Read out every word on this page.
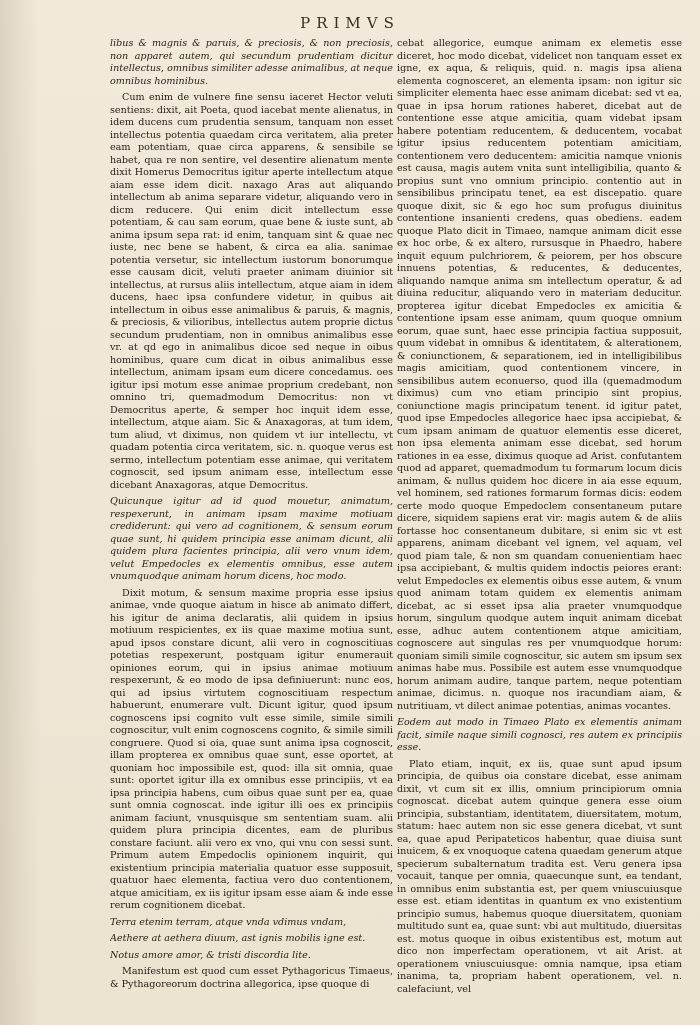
PRIMVS

libus & magnis & paruis, & preciosis, & non preciosis, non apparet autem, qui secundum prudentiam dicitur intellectus, omnibus similiter adesse animalibus, at neque omnibus hominibus.

Cum enim de vulnere fine sensu iaceret Hector veluti sentiens: dixit, ait Poeta, quod iacebat mente alienatus, in idem ducens cum prudentia sensum, tanquam non esset intellectus potentia quaedam circa veritatem, alia preter eam potentiam, quae circa apparens, & sensibile se habet, qua re non sentire, vel desentire alienatum mente dixit Homerus Democritus igitur aperte intellectum atque aiam esse idem dicit. naxago Aras aut aliquando intellectum ab anima separare videtur, aliquando vero in dicm reducere. Qui enim dicit intellectum esse potentiam, & cau sam eorum, quae bene & iuste sunt, ab anima ipsum sepa rat: id enim, tanquam sint & quae nec iuste, nec bene se habent, & circa ea alia. sanimae potentia versetur, sic intellectum iustorum bonorumque esse causam dicit, veluti praeter animam diuinior sit intellectus, at rursus aliis intellectum, atque aiam in idem ducens, haec ipsa confundere videtur, in quibus ait intellectum in oibus esse animalibus & paruis, & magnis, & preciosis, & vilioribus, intellectus autem proprie dictus secundum prudentiam, non in omnibus animalibus esse vr. at qd ego in animalibus dicoe sed neque in oibus hominibus, quare cum dicat in oibus animalibus esse intellectum, animam ipsam eum dicere concedamus. oes igitur ipsi motum esse animae proprium credebant, non omnino tri, quemadmodum Democritus: non vt Democritus aperte, & semper hoc inquit idem esse, intellectum, atque aiam. Sic & Anaxagoras, at tum idem, tum aliud, vt diximus, non quidem vt iur intellectu, vt quadam potentia circa veritatem, sic. n. quoque verus est sermo, intellectum potentiam esse animae, qui veritatem cognoscit, sed ipsum animam esse, intellectum esse dicebant Anaxagoras, atque Democritus.

Quicunque igitur ad id quod mouetur, animatum, respexerunt, in animam ipsam maxime motiuam crediderunt: qui vero ad cognitionem, & sensum eorum quae sunt, hi quidem principia esse animam dicunt, alii quidem plura facientes principia, alii vero vnum idem, velut Empedocles ex elementis omnibus, esse autem vnumquodque animam horum dicens, hoc modo.

Dixit motum, & sensum maxime propria esse ipsius animae, vnde quoque aiatum in hisce ab animato differt, his igitur de anima declaratis, alii quidem in ipsius motiuum respicientes, ex iis quae maxime motiua sunt, apud ipsos constare dicunt, alii vero in cognoscitiuas potetias respexerunt, postquam igitur enumerauit opiniones eorum, qui in ipsius animae motiuum respexerunt, & eo modo de ipsa definiuerunt: nunc eos, qui ad ipsius virtutem cognoscitiuam respectum habuerunt, enumerare vult. Dicunt igitur, quod ipsum cognoscens ipsi cognito vult esse simile, simile simili cognoscitur, vult enim cognoscens cognito, & simile simili congruere. Quod si oia, quae sunt anima ipsa cognoscit, illam propterea ex omnibus quae sunt, esse oportet, at quoniam hoc impossibile est, quod: illa sit omnia, quae sunt: oportet igitur illa ex omnibus esse principiis, vt ea ipsa principia habens, cum oibus quae sunt per ea, quae sunt omnia cognoscat. inde igitur illi oes ex principiis animam faciunt, vnusquisque sm sententiam suam. alii quidem plura principia dicentes, eam de pluribus constare faciunt. alii vero ex vno, qui vnu con sessi sunt. Primum autem Empedoclis opinionem inquirit, qui existentium principia materialia quatuor esse supposuit, quatuor haec elementa, factiua vero duo contentionem, atque amicitiam, ex iis igitur ipsam esse aiam & inde esse rerum cognitionem dicebat.

Terra etenim terram, atque vnda vdimus vndam,

Aethere at aethera diuum, ast ignis mobilis igne est.

Notus amore amor, & tristi discordia lite.

Manifestum est quod cum esset Pythagoricus Timaeus, & Pythagoreorum doctrina allegorica, ipse quoque di

cebat allegorice, eumque animam ex elemetis esse diceret, hoc modo dicebat, videlicet non tanquam esset ex igne, ex aqua, & reliquis, quid. n. magis ipsa aliena elementa cognosceret, an elementa ipsam: non igitur sic simpliciter elementa haec esse animam dicebat: sed vt ea, quae in ipsa horum rationes haberet, dicebat aut de contentione esse atque amicitia, quam videbat ipsam habere potentiam reducentem, & deducentem, vocabat igitur ipsius reducentem potentiam amicitiam, contentionem vero deducentem: amicitia namque vnionis est causa, magis autem vnita sunt intelligibilia, quanto & propius sunt vno omnium principio. contentio aut in sensibilibus principatu tenet, ea est discepatio. quare quoque dixit, sic & ego hoc sum profugus diuinitus contentione insanienti credens, quas obediens. eadem quoque Plato dicit in Timaeo, namque animam dicit esse ex hoc orbe, & ex altero, rursusque in Phaedro, habere inquit equum pulchriorem, & peiorem, per hos obscure innuens potentias, & reducentes, & deducentes, aliquando namque anima sm intellectum operatur, & ad diuina reducitur, aliquando vero in materiam deducitur. propterea igitur dicebat Empedocles ex amicitia & contentione ipsam esse animam, quum quoque omnium eorum, quae sunt, haec esse principia factiua supposuit, quum videbat in omnibus & identitatem, & alterationem, & coniunctionem, & separationem, ied in intelligibilibus magis amicitiam, quod contentionem vincere, in sensibilibus autem econuerso, quod illa (quemadmodum diximus) cum vno etiam principio sint propius, coniunctione magis principatum tenent. id igitur patet, quod ipse Empedocles allegorice haec ipsa accipiebat, & cum ipsam animam de quatuor elementis esse diceret, non ipsa elementa animam esse dicebat, sed horum rationes in ea esse, diximus quoque ad Arist. confutantem quod ad apparet, quemadmodum tu formarum locum dicis animam, & nullus quidem hoc dicere in aia esse equum, vel hominem, sed rationes formarum formas dicis: eodem certe modo quoque Empedoclem consentaneum putare dicere, siquidem sapiens erat vir: magis autem & de aliis fortasse hoc consentaneum dubitare, si enim sic vt est apparens, animam dicebant vel ignem, vel aquam, vel quod piam tale, & non sm quandam conuenientiam haec ipsa accipiebant, & multis quidem indoctis peiores erant: velut Empedocles ex elementis oibus esse autem, & vnum quod animam totam quidem ex elementis animam dicebat, ac si esset ipsa alia praeter vnumquodque horum, singulum quodque autem inquit animam dicebat esse, adhuc autem contentionem atque amicitiam, cognoscere aut singulas res per vnumquodque horum: quoniam simili simile cognoscitur, sic autem sm ipsum sex animas habe mus. Possibile est autem esse vnumquodque horum animam audire, tanque partem, neque potentiam animae, dicimus. n. quoque nos iracundiam aiam, & nutritiuam, vt dilect animae potentias, animas vocantes.

Eodem aut modo in Timaeo Plato ex elementis animam facit, simile naque simili cognosci, res autem ex principiis esse.

Plato etiam, inquit, ex iis, quae sunt apud ipsum principia, de quibus oia constare dicebat, esse animam dixit, vt cum sit ex illis, omnium principiorum omnia cognoscat. dicebat autem quinque genera esse oium principia, substantiam, identitatem, diuersitatem, motum, statum: haec autem non sic esse genera dicebat, vt sunt ea, quae apud Peripateticos habentur, quae diuisa sunt inuicem, & ex vnoquoque catena quaedam generum atque specierum subalternatum tradita est. Veru genera ipsa vocauit, tanque per omnia, quaecunque sunt, ea tendant, in omnibus enim substantia est, per quem vniuscuiusque esse est. etiam identitas in quantum ex vno existentium principio sumus, habemus quoque diuersitatem, quoniam multitudo sunt ea, quae sunt: vbi aut multitudo, diuersitas est. motus quoque in oibus existentibus est, motum aut dico non imperfectam operationem, vt ait Arist. at operationem vniuscuiusque: omnia namque, ipsa etiam inanima, ta, propriam habent operationem, vel. n. calefaciunt, vel
